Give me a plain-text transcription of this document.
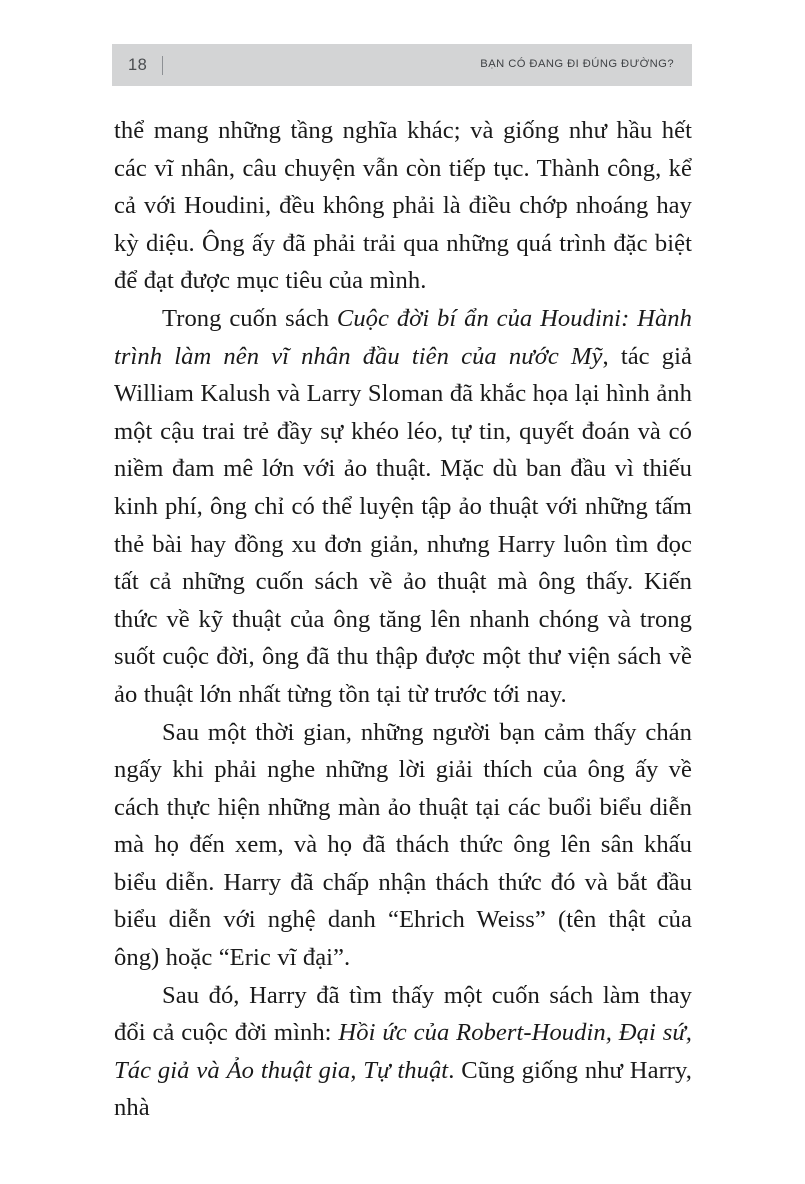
18	BẠN CÓ ĐANG ĐI ĐÚNG ĐƯỜNG?

thể mang những tầng nghĩa khác; và giống như hầu hết các vĩ nhân, câu chuyện vẫn còn tiếp tục. Thành công, kể cả với Houdini, đều không phải là điều chớp nhoáng hay kỳ diệu. Ông ấy đã phải trải qua những quá trình đặc biệt để đạt được mục tiêu của mình.

Trong cuốn sách Cuộc đời bí ẩn của Houdini: Hành trình làm nên vĩ nhân đầu tiên của nước Mỹ, tác giả William Kalush và Larry Sloman đã khắc họa lại hình ảnh một cậu trai trẻ đầy sự khéo léo, tự tin, quyết đoán và có niềm đam mê lớn với ảo thuật. Mặc dù ban đầu vì thiếu kinh phí, ông chỉ có thể luyện tập ảo thuật với những tấm thẻ bài hay đồng xu đơn giản, nhưng Harry luôn tìm đọc tất cả những cuốn sách về ảo thuật mà ông thấy. Kiến thức về kỹ thuật của ông tăng lên nhanh chóng và trong suốt cuộc đời, ông đã thu thập được một thư viện sách về ảo thuật lớn nhất từng tồn tại từ trước tới nay.

Sau một thời gian, những người bạn cảm thấy chán ngấy khi phải nghe những lời giải thích của ông ấy về cách thực hiện những màn ảo thuật tại các buổi biểu diễn mà họ đến xem, và họ đã thách thức ông lên sân khấu biểu diễn. Harry đã chấp nhận thách thức đó và bắt đầu biểu diễn với nghệ danh “Ehrich Weiss” (tên thật của ông) hoặc “Eric vĩ đại”.

Sau đó, Harry đã tìm thấy một cuốn sách làm thay đổi cả cuộc đời mình: Hồi ức của Robert-Houdin, Đại sứ, Tác giả và Ảo thuật gia, Tự thuật. Cũng giống như Harry, nhà
